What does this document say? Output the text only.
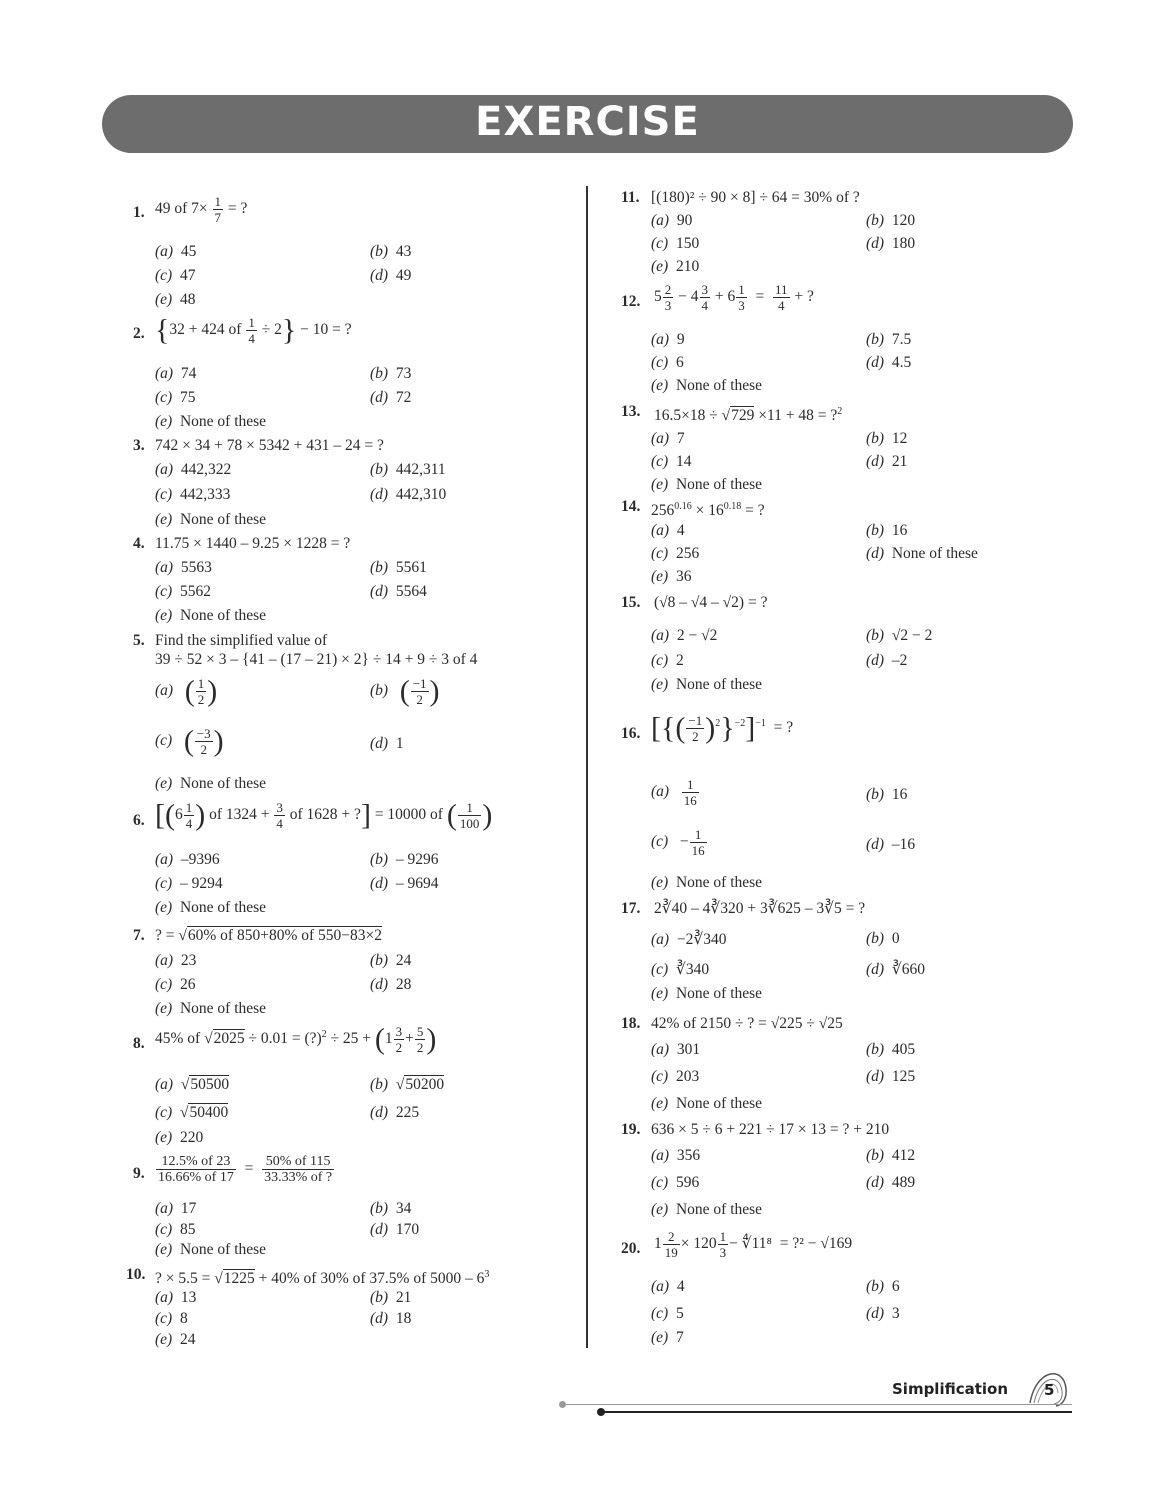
EXERCISE
1. 49 of $7\times \frac{1}{7}$ = ?
(a) 45	(b) 43
(c) 47	(d) 49
(e) 48
2. {32 + 424 of $\frac{1}{4} \div 2\} - 10$ = ?
(a) 74	(b) 73
(c) 75	(d) 72
(e) None of these
3. 742 × 34 + 78 × 5342 + 431 – 24 = ?
(a) 442,322	(b) 442,311
(c) 442,333	(d) 442,310
(e) None of these
4. 11.75 × 1440 – 9.25 × 1228 = ?
(a) 5563	(b) 5561
(c) 5562	(d) 5564
(e) None of these
5. Find the simplified value of
39 ÷ 52 × 3 – {41 – (17 – 21) × 2} ÷ 14 + 9 ÷ 3 of 4
(a) ( $\frac{1}{2}$ )	(b) ( $\frac{-1}{2}$ )
(c) ( $\frac{-3}{2}$ )	(d) 1
(e) None of these
6. [($6 \frac{1}{4}$ ) of $1324 + \frac{3}{4}$ of 1628 + ?] = 10000 of ( $\frac{1}{100}$ )
(a) –9396	(b) – 9296
(c) – 9294	(d) – 9694
(e) None of these
7. ? = √60% of 850+80% of 550−83×2
(a) 23	(b) 24
(c) 26	(d) 28
(e) None of these
8. 45% of √2025 ÷ 0.01 = (?)$^2$ ÷ $25 + (1 \frac{3}{2} + \frac{5}{2}$ )
(a)  √50500	(b)  √50200
(c)  √50400	(d) 225
(e) 220
9. $\frac{12.5\% of 23}{16.66\% of 17} = \frac{50\% of 115}{33.33\% of ?}$
(a) 17	(b) 34
(c) 85	(d) 170
(e) None of these
10. ? × 5.5 = √1225 + 40% of 30% of 37.5% of $5000 - 6^3$
(a) 13	(b) 21
(c) 8	(d) 18
(e) 24
11. [(180)² ÷ 90 × 8] ÷ 64 = 30% of ?
(a) 90	(b) 120
(c) 150	(d) 180
(e) 210
12. $5 \frac{2}{3} - 4 \frac{3}{4} + 6 \frac{1}{3} = \frac{11}{4}$ + ?
(a) 9	(b) 7.5
(c) 6	(d) 4.5
(e) None of these
13. 16.5×18 ÷ √729 ×11 + 48 = ?$^2$
(a) 7	(b) 12
(c) 14	(d) 21
(e) None of these
14. $256^{0.16} \times 16^{0.18}$ = ?
(a) 4	(b) 16
(c) 256	(d) None of these
(e) 36
15. (√8 – √4 – √2) = ?
(a) 2 − √2	(b) √2 − 2
(c) 2	(d) –2
(e) None of these
16. [{( $\frac{-1}{2} )^2\}^{-2}]^{-1}$ = ?
$(a) \frac{1}{16}$	(b) 16
$(c) - \frac{1}{16}$	(d) –16
(e) None of these
17. 2∛40 – 4∛320 + 3∛625 – 3∛5 = ?
(a) −2∛340	(b) 0
(c) ∛340	(d) ∛660
(e) None of these
18. 42% of 2150 ÷ ? = √225 ÷ √25
(a) 301	(b) 405
(c) 203	(d) 125
(e) None of these
19. 636 × 5 ÷ 6 + 221 ÷ 17 × 13 = ? + 210
(a) 356	(b) 412
(c) 596	(d) 489
(e) None of these
20. $1 \frac{2}{19} \times 120 \frac{1}{3}$ − ∜11⁸ = ?² − √169
(a) 4	(b) 6
(c) 5	(d) 3
(e) 7
Simplification 5
